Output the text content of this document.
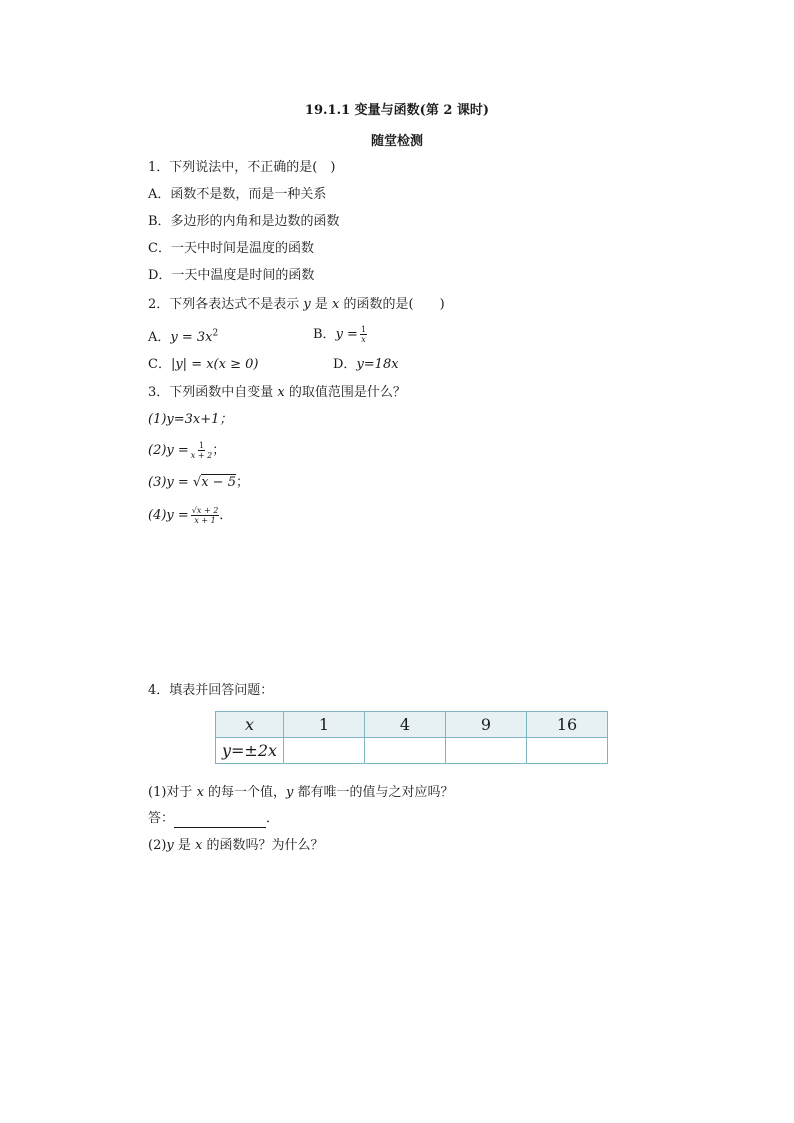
19.1.1 变量与函数(第 2 课时)
随堂检测
1．下列说法中，不正确的是(　)
A．函数不是数，而是一种关系
B．多边形的内角和是边数的函数
C．一天中时间是温度的函数
D．一天中温度是时间的函数
2．下列各表达式不是表示 y 是 x 的函数的是(　　)
A．$y = 3x^2$	B．$y = \frac{1}{x}$
C．|y| = x(x ≥ 0)	D．y=18x
3．下列函数中自变量 x 的取值范围是什么？
(1)y=3x+1；
$(2)y = \frac{1}{x + 2}$ ；
(3)y = √x − 5；
$(4)y = \frac{√x + 2}{x + 1}$ ．
4．填表并回答问题：
x	1	4	9	16
y=±2x				
(1)对于 x 的每一个值，y 都有唯一的值与之对应吗？
答：	．
(2)y 是 x 的函数吗？为什么？
